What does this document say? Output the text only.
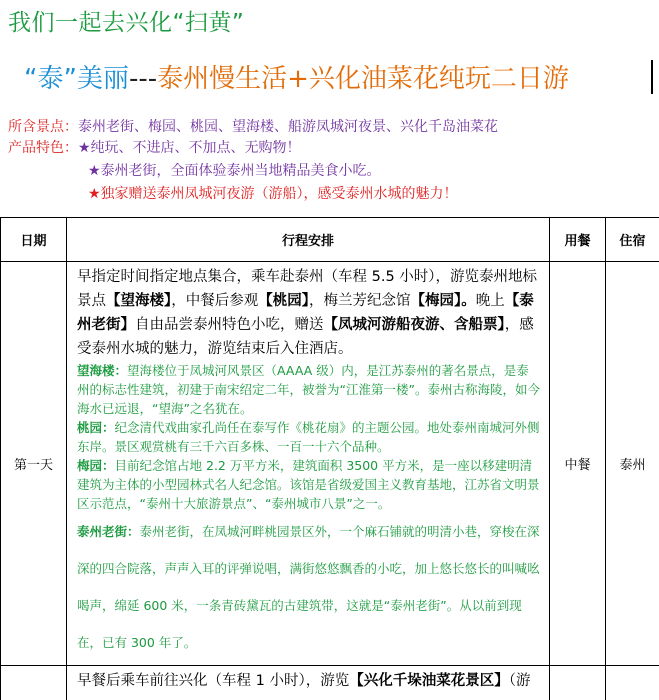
我们一起去兴化“扫黄”
“泰”美丽---泰州慢生活+兴化油菜花纯玩二日游
所含景点：泰州老街、梅园、桃园、望海楼、船游凤城河夜景、兴化千岛油菜花
产品特色：★纯玩、不进店、不加点、无购物！
★泰州老街，全面体验泰州当地精品美食小吃。
★独家赠送泰州凤城河夜游（游船），感受泰州水城的魅力！
日期	行程安排	用餐	住宿
第一天	早指定时间指定地点集合，乘车赴泰州（车程 5.5 小时），游览泰州地标景点【望海楼】，中餐后参观【桃园】，梅兰芳纪念馆【梅园】。晚上【泰州老街】自由品尝泰州特色小吃，赠送【凤城河游船夜游、含船票】，感受泰州水城的魅力，游览结束后入住酒店。
望海楼：望海楼位于凤城河风景区（AAAA 级）内，是江苏泰州的著名景点，是泰州的标志性建筑，初建于南宋绍定二年，被誉为“江淮第一楼”。泰州古称海陵，如今海水已远退，“望海”之名犹在。
桃园：纪念清代戏曲家孔尚任在泰写作《桃花扇》的主题公园。地处泰州南城河外侧东岸。景区观赏桃有三千六百多株、一百一十六个品种。
梅园：目前纪念馆占地 2.2 万平方米，建筑面积 3500 平方米，是一座以移建明清建筑为主体的小型园林式名人纪念馆。该馆是省级爱国主义教育基地，江苏省文明景区示范点，“泰州十大旅游景点”、“泰州城市八景”之一。
泰州老街：泰州老街，在凤城河畔桃园景区外，一个麻石铺就的明清小巷，穿梭在深深的四合院落，声声入耳的评弹说唱，满街悠悠飘香的小吃，加上悠长悠长的叫喊吆喝声，绵延 600 米，一条青砖黛瓦的古建筑带，这就是“泰州老街”。从以前到现在，已有 300 年了。	中餐	泰州

	早餐后乘车前往兴化（车程 1 小时），游览【兴化千垛油菜花景区】（游		
